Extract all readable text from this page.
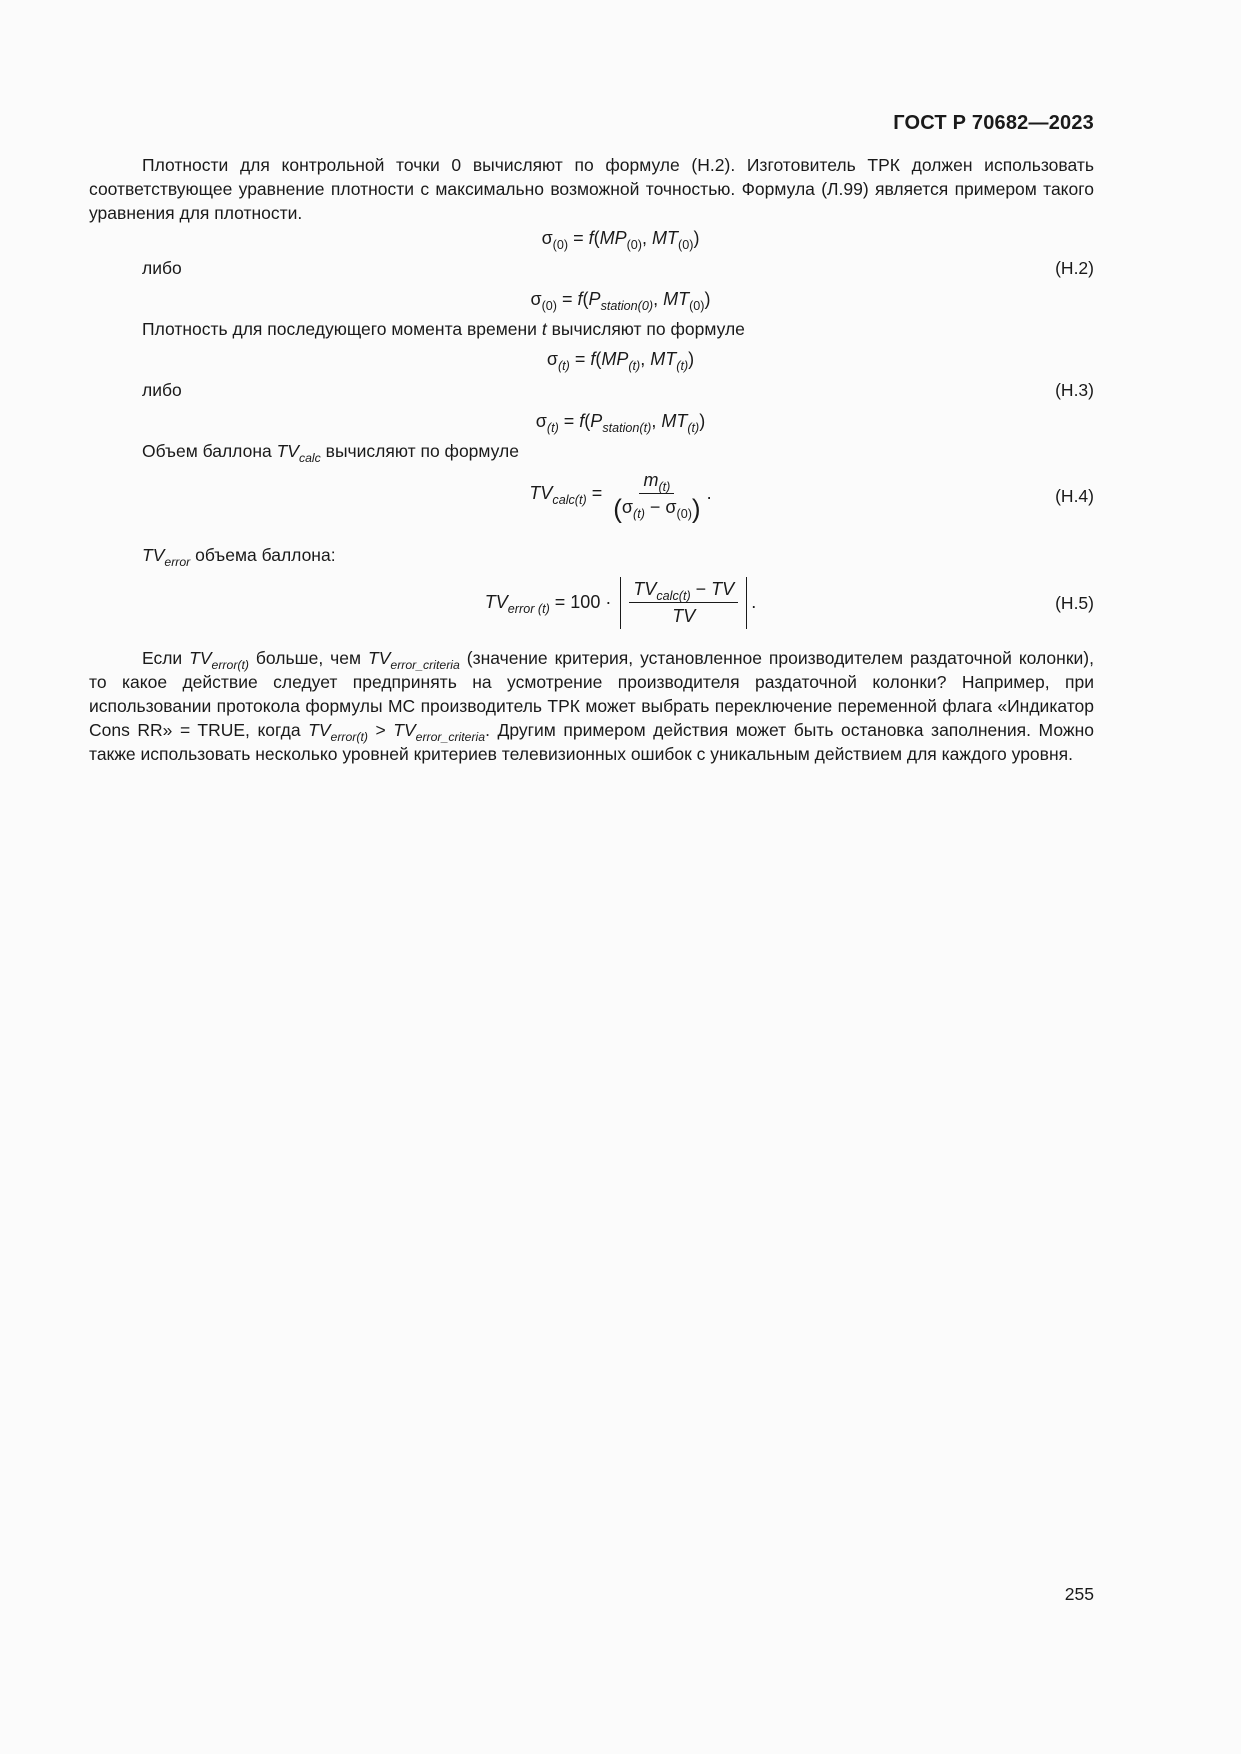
ГОСТ Р 70682—2023
Плотности для контрольной точки 0 вычисляют по формуле (Н.2). Изготовитель ТРК должен использовать соответствующее уравнение плотности с максимально возможной точностью. Формула (Л.99) является примером такого уравнения для плотности.
$\sigma_{(0)} = f(MP_{(0)}$, $MT_{(0)}$)
либо	(Н.2)
$\sigma_{(0)} = f(P_{station(0)}$, $MT_{(0)}$)
Плотность для последующего момента времени t вычисляют по формуле
$\sigma_{(t)} = f(MP_{(t)}$, $MT_{(t)}$)
либо	(Н.3)
$\sigma_{(t)} = f(P_{station(t)}$, $MT_{(t)}$)
Объем баллона $TV_{calc}$ вычисляют по формуле
$TV_{calc(t)} = \frac{m_{(t)}}{(\sigma_{(t)} - \sigma_{(0)})}$ .	(Н.4)
$TV_{error}$ объема баллона:
$TV_{error (t)} = 100 \cdot \frac{TV_{calc(t)} - TV}{TV}$ .	(Н.5)
Если $TV_{error(t)}$ больше, чем $TV_{error\_criteria}$ (значение критерия, установленное производителем раздаточной колонки), то какое действие следует предпринять на усмотрение производителя раздаточной колонки? Например, при использовании протокола формулы МС производитель ТРК может выбрать переключение переменной флага «Индикатор Cons RR» = TRUE, когда $TV_{error(t)} > TV_{error\_criteria}$. Другим примером действия может быть остановка заполнения. Можно также использовать несколько уровней критериев телевизионных ошибок с уникальным действием для каждого уровня.
255
